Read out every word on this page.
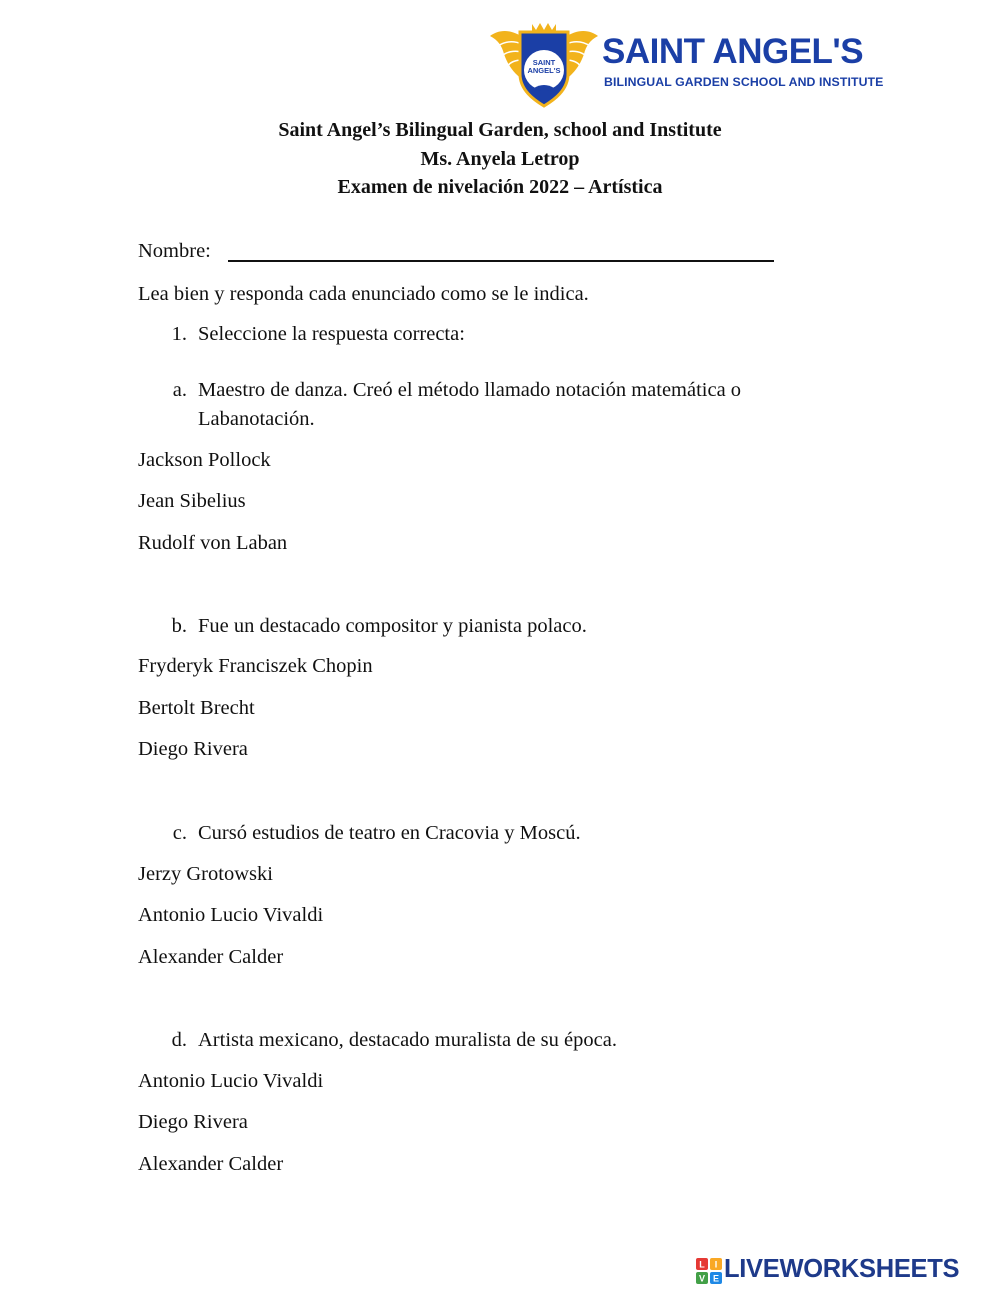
SAINT ANGEL'S SAINT ANGEL'S
BILINGUAL GARDEN SCHOOL AND INSTITUTE
Saint Angel’s Bilingual Garden, school and Institute
Ms. Anyela Letrop
Examen de nivelación 2022 – Artística
Nombre:
Lea bien y responda cada enunciado como se le indica.
1. Seleccione la respuesta correcta:
a. Maestro de danza. Creó el método llamado notación matemática o
Labanotación.
Jackson Pollock
Jean Sibelius
Rudolf von Laban
b. Fue un destacado compositor y pianista polaco.
Fryderyk Franciszek Chopin
Bertolt Brecht
Diego Rivera
c. Cursó estudios de teatro en Cracovia y Moscú.
Jerzy Grotowski
Antonio Lucio Vivaldi
Alexander Calder
d. Artista mexicano, destacado muralista de su época.
Antonio Lucio Vivaldi
Diego Rivera
Alexander Calder
L I
V E LIVEWORKSHEETS
